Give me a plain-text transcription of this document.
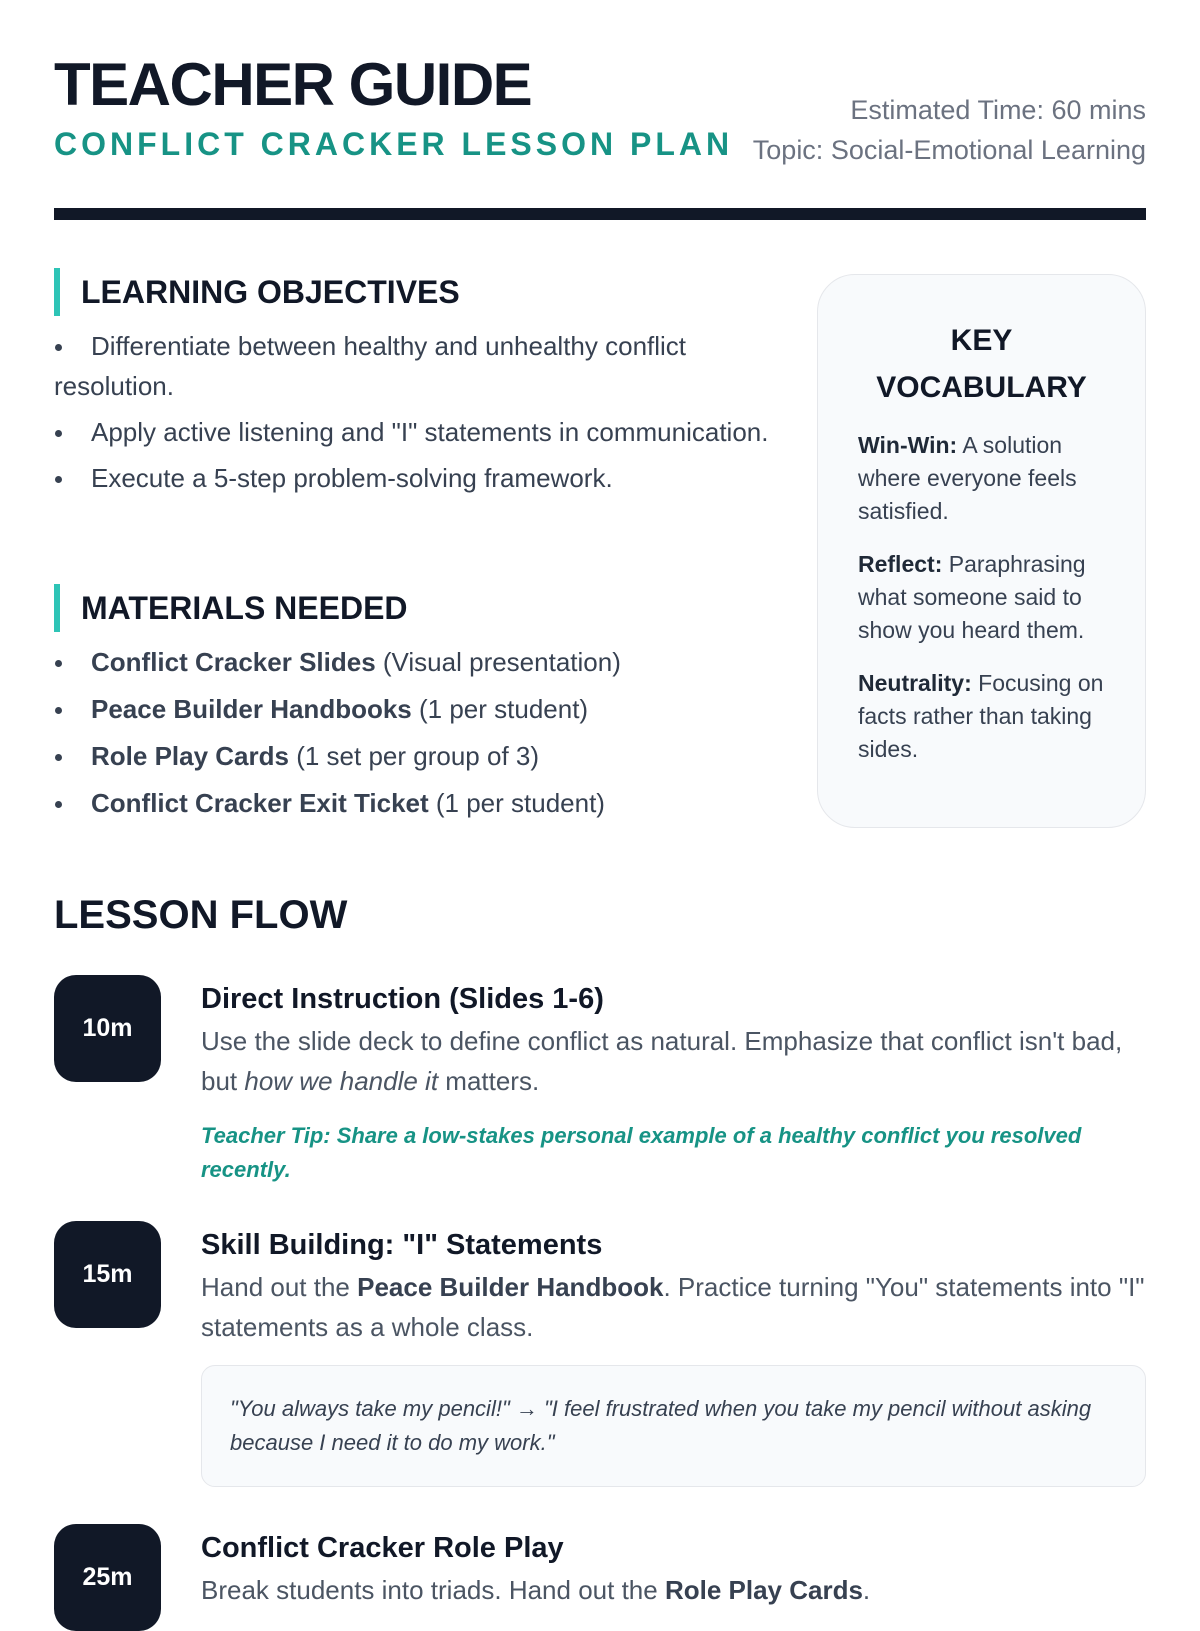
TEACHER GUIDE
CONFLICT CRACKER LESSON PLAN
Estimated Time: 60 mins
Topic: Social-Emotional Learning
LEARNING OBJECTIVES
Differentiate between healthy and unhealthy conflict resolution.
Apply active listening and "I" statements in communication.
Execute a 5-step problem-solving framework.
MATERIALS NEEDED
Conflict Cracker Slides (Visual presentation)
Peace Builder Handbooks (1 per student)
Role Play Cards (1 set per group of 3)
Conflict Cracker Exit Ticket (1 per student)
KEY VOCABULARY
Win-Win: A solution where everyone feels satisfied.
Reflect: Paraphrasing what someone said to show you heard them.
Neutrality: Focusing on facts rather than taking sides.
LESSON FLOW
10m
Direct Instruction (Slides 1-6)
Use the slide deck to define conflict as natural. Emphasize that conflict isn't bad, but how we handle it matters.
Teacher Tip: Share a low-stakes personal example of a healthy conflict you resolved recently.
15m
Skill Building: "I" Statements
Hand out the Peace Builder Handbook. Practice turning "You" statements into "I" statements as a whole class.
"You always take my pencil!" → "I feel frustrated when you take my pencil without asking because I need it to do my work."
25m
Conflict Cracker Role Play
Break students into triads. Hand out the Role Play Cards.
